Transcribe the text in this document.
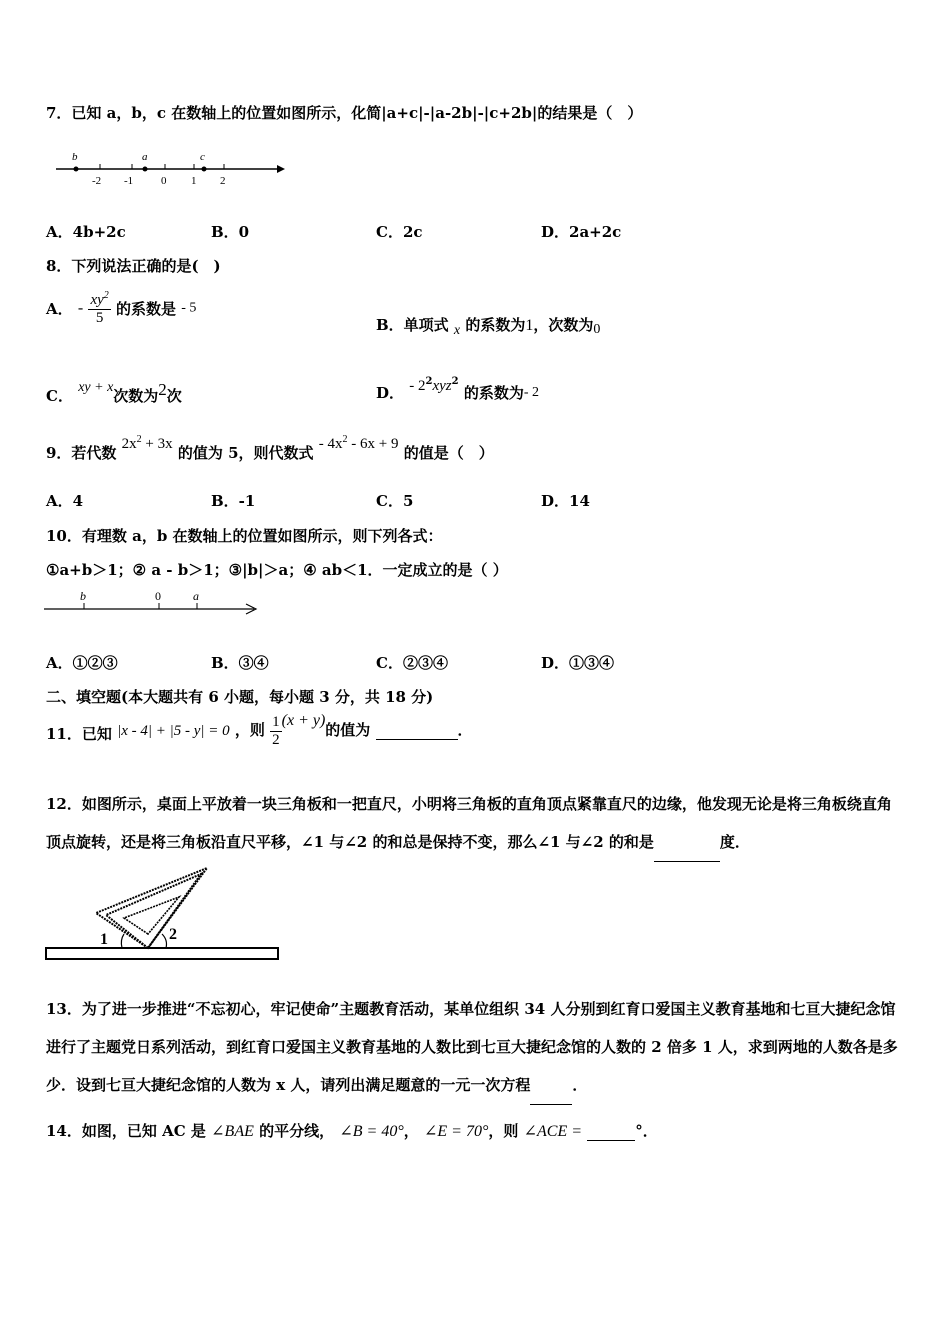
7．已知 a，b，c 在数轴上的位置如图所示，化简|a+c|-|a-2b|-|c+2b|的结果是（　）
b
-2 -1
a
0 1
c
2
A．4b+2c	B．0	C．2c	D．2a+2c
8．下列说法正确的是(　)
A． - $\frac{xy^2}{5}$ 的系数是 - 5
B．单项式 x 的系数为1，次数为0
C． xy + x次数为2次	D． - $2^2xyz^2$ 的系数为- 2
9．若代数 $2x^2 + 3x$ 的值为 5，则代数式 - $4x^2 - 6x + 9$ 的值是（　）
A．4	B．-1	C．5	D．14
10．有理数 a，b 在数轴上的位置如图所示，则下列各式：
①a+b＞1；② a - b＞1；③|b|＞a；④ ab＜1．一定成立的是（ ）
b	0	a
A．①②③	B．③④	C．②③④	D．①③④
二、填空题(本大题共有 6 小题，每小题 3 分，共 18 分)
11．已知 |x - 4| + |5 - y| = 0 ，则 $\frac{1}{2} (x + y)$的值为	．
12．如图所示，桌面上平放着一块三角板和一把直尺，小明将三角板的直角顶点紧靠直尺的边缘，他发现无论是将三角板绕直角顶点旋转，还是将三角板沿直尺平移，∠1 与∠2 的和总是保持不变，那么∠1 与∠2 的和是	度．
1	2
13．为了进一步推进“不忘初心，牢记使命”主题教育活动，某单位组织 34 人分别到红育口爱国主义教育基地和七亘大捷纪念馆进行了主题党日系列活动，到红育口爱国主义教育基地的人数比到七亘大捷纪念馆的人数的 2 倍多 1 人，求到两地的人数各是多少．设到七亘大捷纪念馆的人数为 x 人，请列出满足题意的一元一次方程	．
14．如图，已知 AC 是 ∠BAE 的平分线， ∠B = 40°， ∠E = 70°，则 ∠ACE =	°．
